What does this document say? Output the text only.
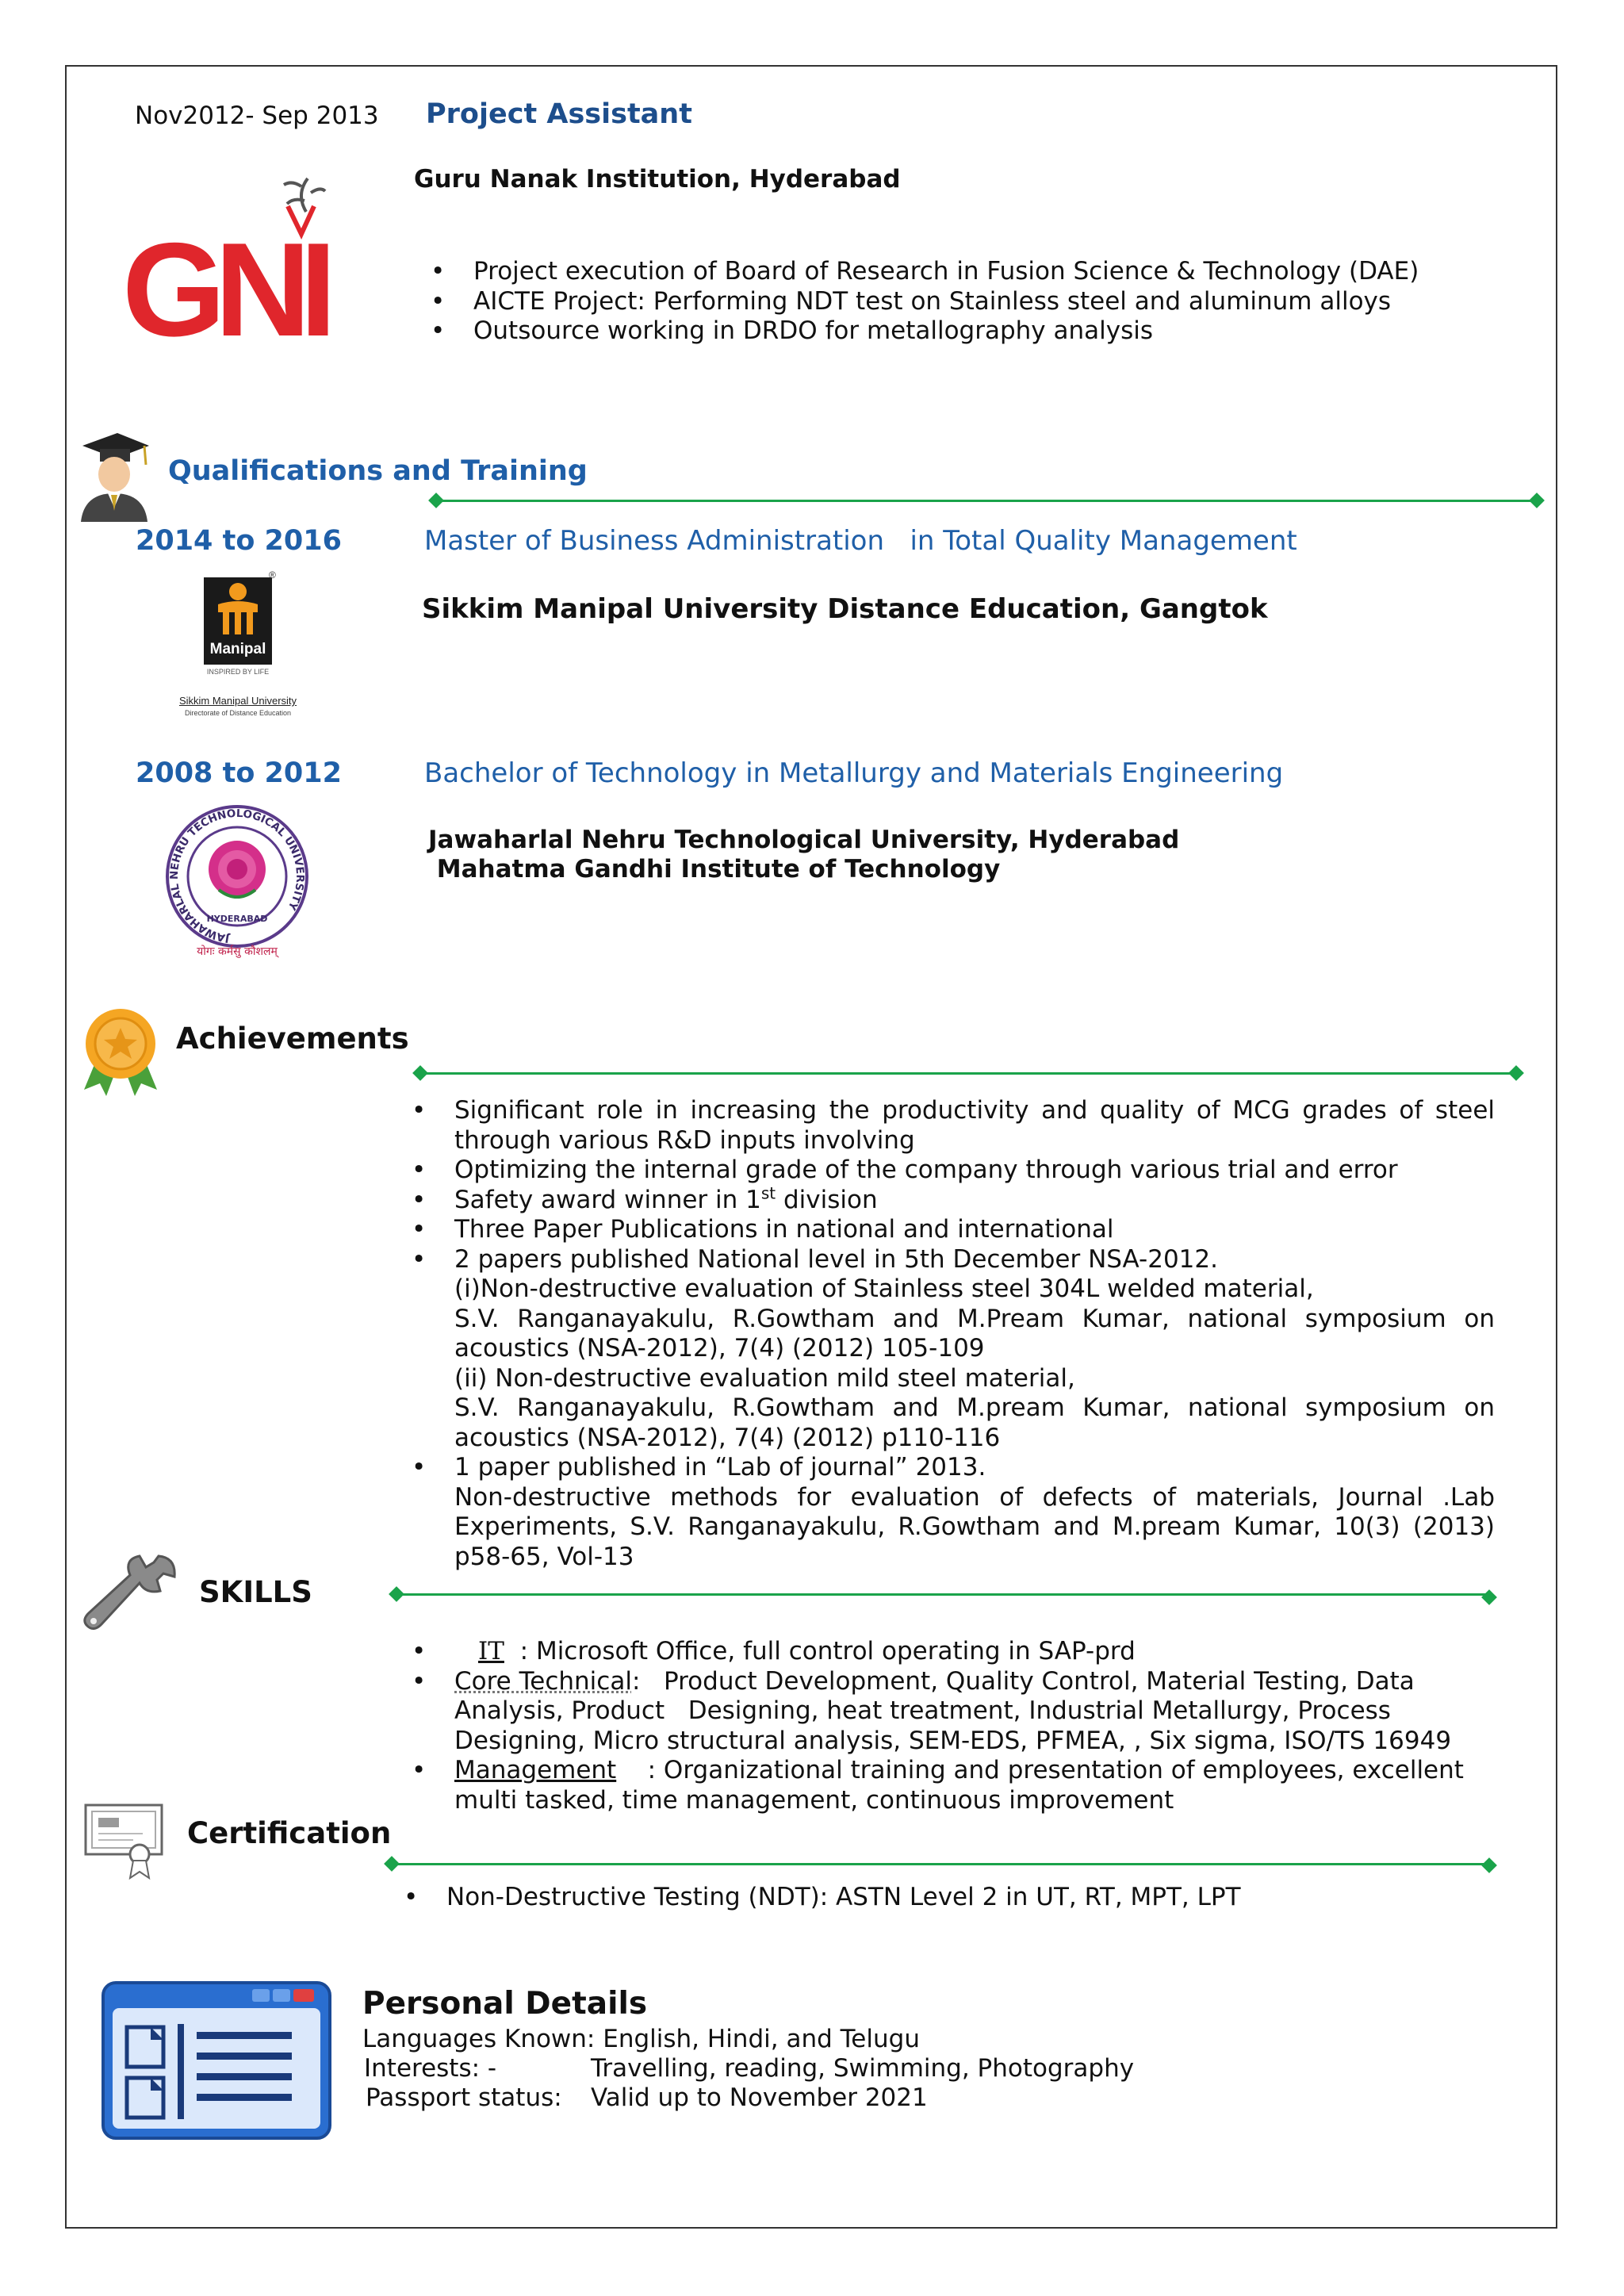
Nov2012- Sep 2013 Project Assistant
Guru Nanak Institution, Hyderabad
GNI	• Project execution of Board of Research in Fusion Science & Technology (DAE)
• AICTE Project: Performing NDT test on Stainless steel and aluminum alloys
• Outsource working in DRDO for metallography analysis
Qualifications and Training
2014 to 2016	Master of Business Administration   in Total Quality Management
Sikkim Manipal University Distance Education, Gangtok
Manipal
®
INSPIRED BY LIFE
Sikkim Manipal University
Directorate of Distance Education
2008 to 2012	Bachelor of Technology in Metallurgy and Materials Engineering
Jawaharlal Nehru Technological University, Hyderabad
Mahatma Gandhi Institute of Technology
JAWAHARLAL NEHRU TECHNOLOGICAL UNIVERSITY
HYDERABAD
योगः कर्मसु कौशलम्
Achievements
• Significant role in increasing the productivity and quality of MCG grades of steel through various R&D inputs involving
• Optimizing the internal grade of the company through various trial and error
• Safety award winner in 1st division
• Three Paper Publications in national and international
• 2 papers published National level in 5th December NSA-2012.
(i)Non-destructive evaluation of Stainless steel 304L welded material,
S.V. Ranganayakulu, R.Gowtham and M.Pream Kumar, national symposium on acoustics (NSA-2012), 7(4) (2012) 105-109
(ii) Non-destructive evaluation mild steel material,
S.V. Ranganayakulu, R.Gowtham and M.pream Kumar, national symposium on acoustics (NSA-2012), 7(4) (2012) p110-116
• 1 paper published in “Lab of journal” 2013.
Non-destructive methods for evaluation of defects of materials, Journal .Lab Experiments, S.V. Ranganayakulu, R.Gowtham and M.pream Kumar, 10(3) (2013) p58-65, Vol-13
SKILLS
• IT  : Microsoft Office, full control operating in SAP-prd
• Core Technical:   Product Development, Quality Control, Material Testing, Data Analysis, Product   Designing, heat treatment, Industrial Metallurgy, Process Designing, Micro structural analysis, SEM-EDS, PFMEA, , Six sigma, ISO/TS 16949
• Management    : Organizational training and presentation of employees, excellent multi tasked, time management, continuous improvement
Certification
• Non-Destructive Testing (NDT): ASTN Level 2 in UT, RT, MPT, LPT
Personal Details
Languages Known: English, Hindi, and Telugu
Interests: -	Travelling, reading, Swimming, Photography
Passport status: Valid up to November 2021
